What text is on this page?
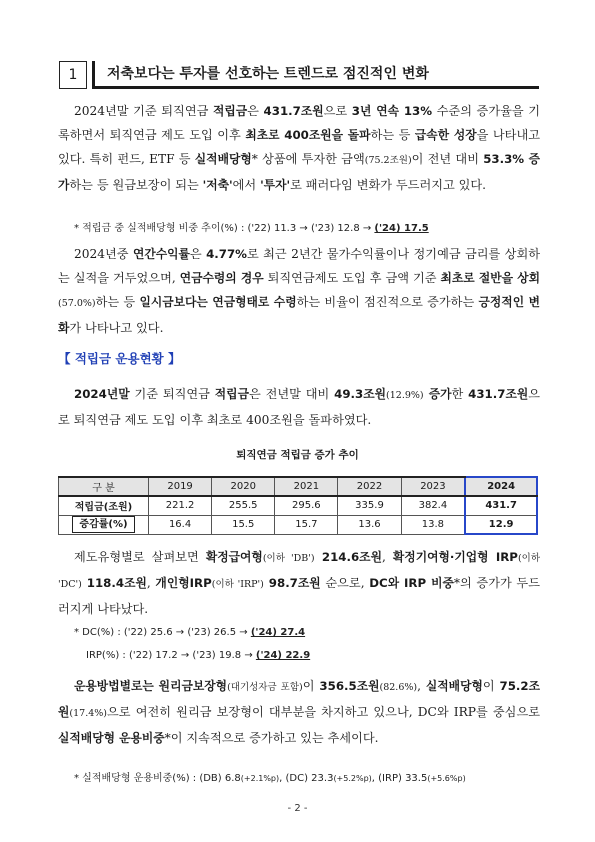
1	저축보다는 투자를 선호하는 트렌드로 점진적인 변화
2024년말 기준 퇴직연금 적립금은 431.7조원으로 3년 연속 13% 수준의 증가율을 기록하면서 퇴직연금 제도 도입 이후 최초로 400조원을 돌파하는 등 급속한 성장을 나타내고 있다. 특히 펀드, ETF 등 실적배당형* 상품에 투자한 금액(75.2조원)이 전년 대비 53.3% 증가하는 등 원금보장이 되는 '저축'에서 '투자'로 패러다임 변화가 두드러지고 있다.
* 적립금 중 실적배당형 비중 추이(%) : ('22) 11.3 → ('23) 12.8 → ('24) 17.5
2024년중 연간수익률은 4.77%로 최근 2년간 물가수익률이나 정기예금 금리를 상회하는 실적을 거두었으며, 연금수령의 경우 퇴직연금제도 도입 후 금액 기준 최초로 절반을 상회(57.0%)하는 등 일시금보다는 연금형태로 수령하는 비율이 점진적으로 증가하는 긍정적인 변화가 나타나고 있다.
【 적립금 운용현황 】
2024년말 기준 퇴직연금 적립금은 전년말 대비 49.3조원(12.9%) 증가한 431.7조원으로 퇴직연금 제도 도입 이후 최초로 400조원을 돌파하였다.
퇴직연금 적립금 증가 추이
구 분	2019	2020	2021	2022	2023	2024
적립금(조원)	221.2	255.5	295.6	335.9	382.4	431.7
증감률(%)	16.4	15.5	15.7	13.6	13.8	12.9
제도유형별로 살펴보면 확정급여형(이하 'DB') 214.6조원, 확정기여형·기업형 IRP(이하 'DC') 118.4조원, 개인형IRP(이하 'IRP') 98.7조원 순으로, DC와 IRP 비중*의 증가가 두드러지게 나타났다.
* DC(%) : ('22) 25.6 → ('23) 26.5 → ('24) 27.4
IRP(%) : ('22) 17.2 → ('23) 19.8 → ('24) 22.9
운용방법별로는 원리금보장형(대기성자금 포함)이 356.5조원(82.6%), 실적배당형이 75.2조원(17.4%)으로 여전히 원리금 보장형이 대부분을 차지하고 있으나, DC와 IRP를 중심으로 실적배당형 운용비중*이 지속적으로 증가하고 있는 추세이다.
* 실적배당형 운용비중(%) : (DB) 6.8(+2.1%p), (DC) 23.3(+5.2%p), (IRP) 33.5(+5.6%p)
- 2 -
